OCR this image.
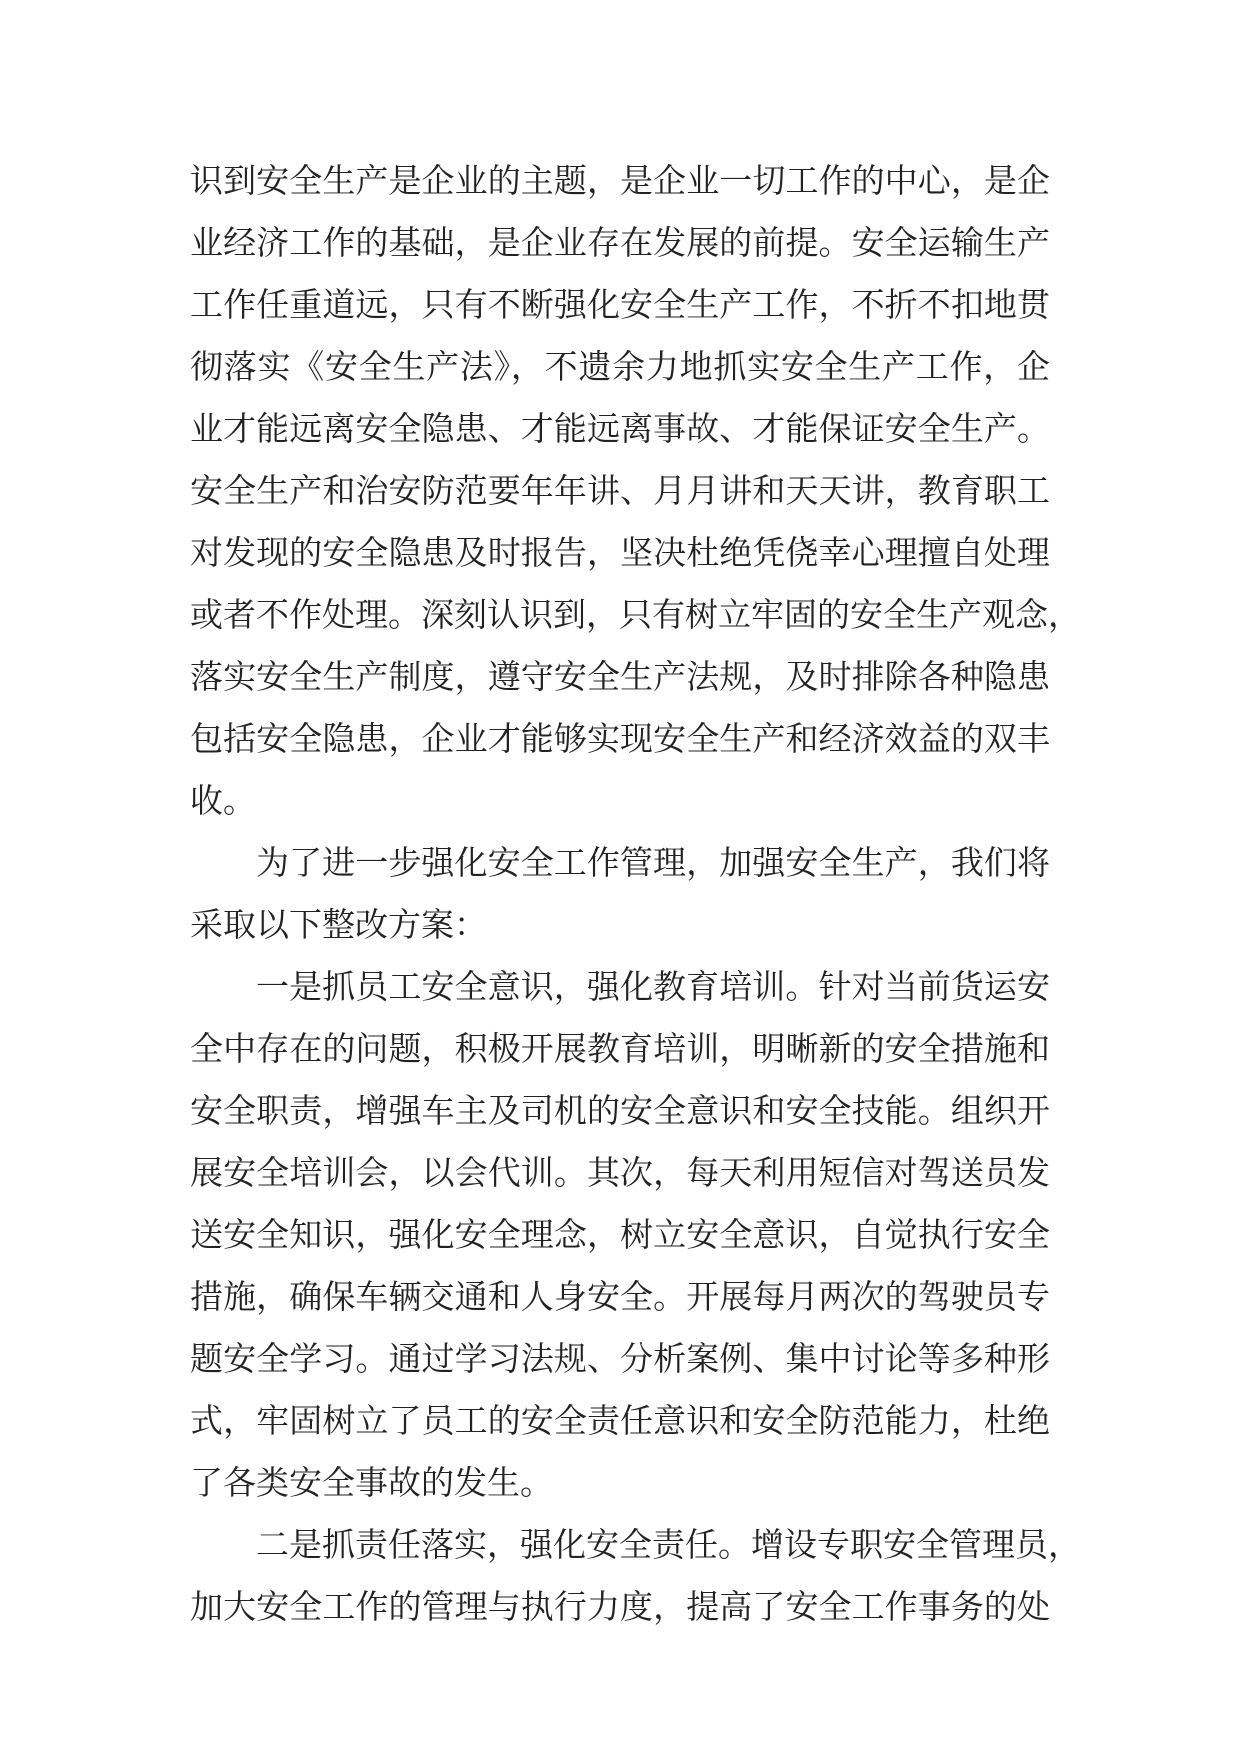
识到安全生产是企业的主题，是企业一切工作的中心，是企
业经济工作的基础，是企业存在发展的前提。安全运输生产
工作任重道远，只有不断强化安全生产工作，不折不扣地贯
彻落实《安全生产法》，不遗余力地抓实安全生产工作，企
业才能远离安全隐患、才能远离事故、才能保证安全生产。
安全生产和治安防范要年年讲、月月讲和天天讲，教育职工
对发现的安全隐患及时报告，坚决杜绝凭侥幸心理擅自处理
或者不作处理。深刻认识到，只有树立牢固的安全生产观念，
落实安全生产制度，遵守安全生产法规，及时排除各种隐患
包括安全隐患，企业才能够实现安全生产和经济效益的双丰
收。
为了进一步强化安全工作管理，加强安全生产，我们将
采取以下整改方案：
一是抓员工安全意识，强化教育培训。针对当前货运安
全中存在的问题，积极开展教育培训，明晰新的安全措施和
安全职责，增强车主及司机的安全意识和安全技能。组织开
展安全培训会，以会代训。其次，每天利用短信对驾送员发
送安全知识，强化安全理念，树立安全意识，自觉执行安全
措施，确保车辆交通和人身安全。开展每月两次的驾驶员专
题安全学习。通过学习法规、分析案例、集中讨论等多种形
式，牢固树立了员工的安全责任意识和安全防范能力，杜绝
了各类安全事故的发生。
二是抓责任落实，强化安全责任。增设专职安全管理员，
加大安全工作的管理与执行力度，提高了安全工作事务的处
